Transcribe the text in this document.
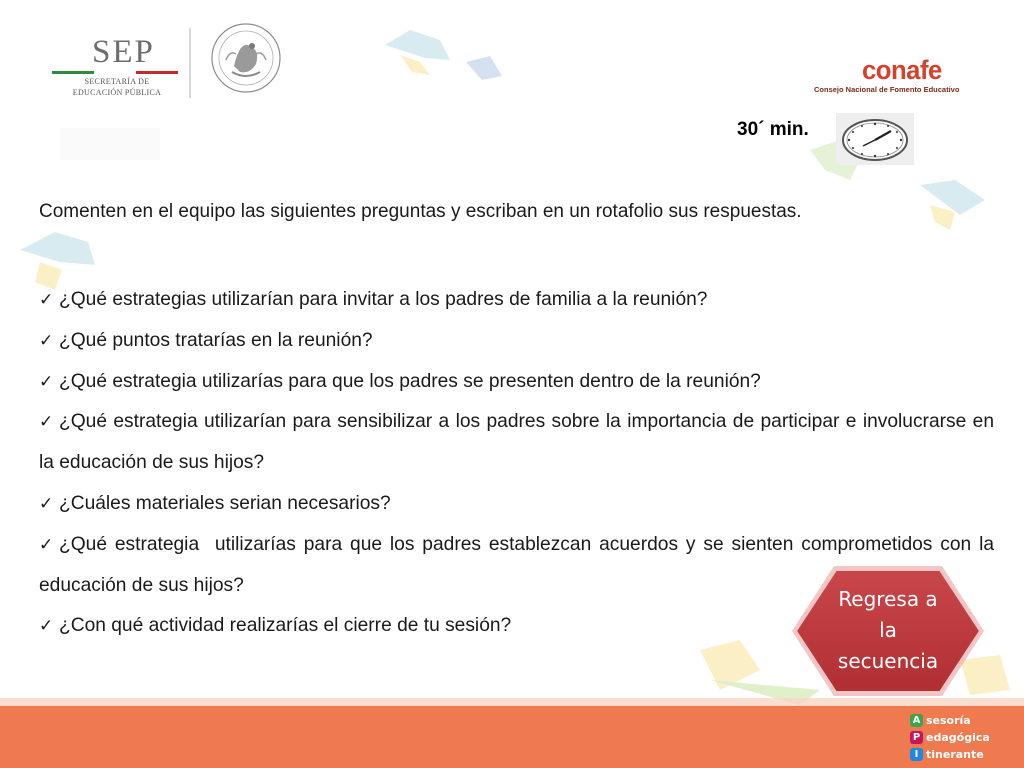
SEP
SECRETARÍA DE
EDUCACIÓN PÚBLICA
conafe
Consejo Nacional de Fomento Educativo
30´ min.
Comenten en el equipo las siguientes preguntas y escriban en un rotafolio sus respuestas.
✓ ¿Qué estrategias utilizarían para invitar a los padres de familia a la reunión?
✓ ¿Qué puntos tratarías en la reunión?
✓ ¿Qué estrategia utilizarías para que los padres se presenten dentro de la reunión?
✓ ¿Qué estrategia utilizarían para sensibilizar a los padres sobre la importancia de participar e involucrarse en la educación de sus hijos?
✓ ¿Cuáles materiales serian necesarios?
✓ ¿Qué estrategia  utilizarías para que los padres establezcan acuerdos y se sienten comprometidos con la educación de sus hijos?
✓ ¿Con qué actividad realizarías el cierre de tu sesión?
Regresa a
la
secuencia
A sesoría
P edagógica
I tinerante
